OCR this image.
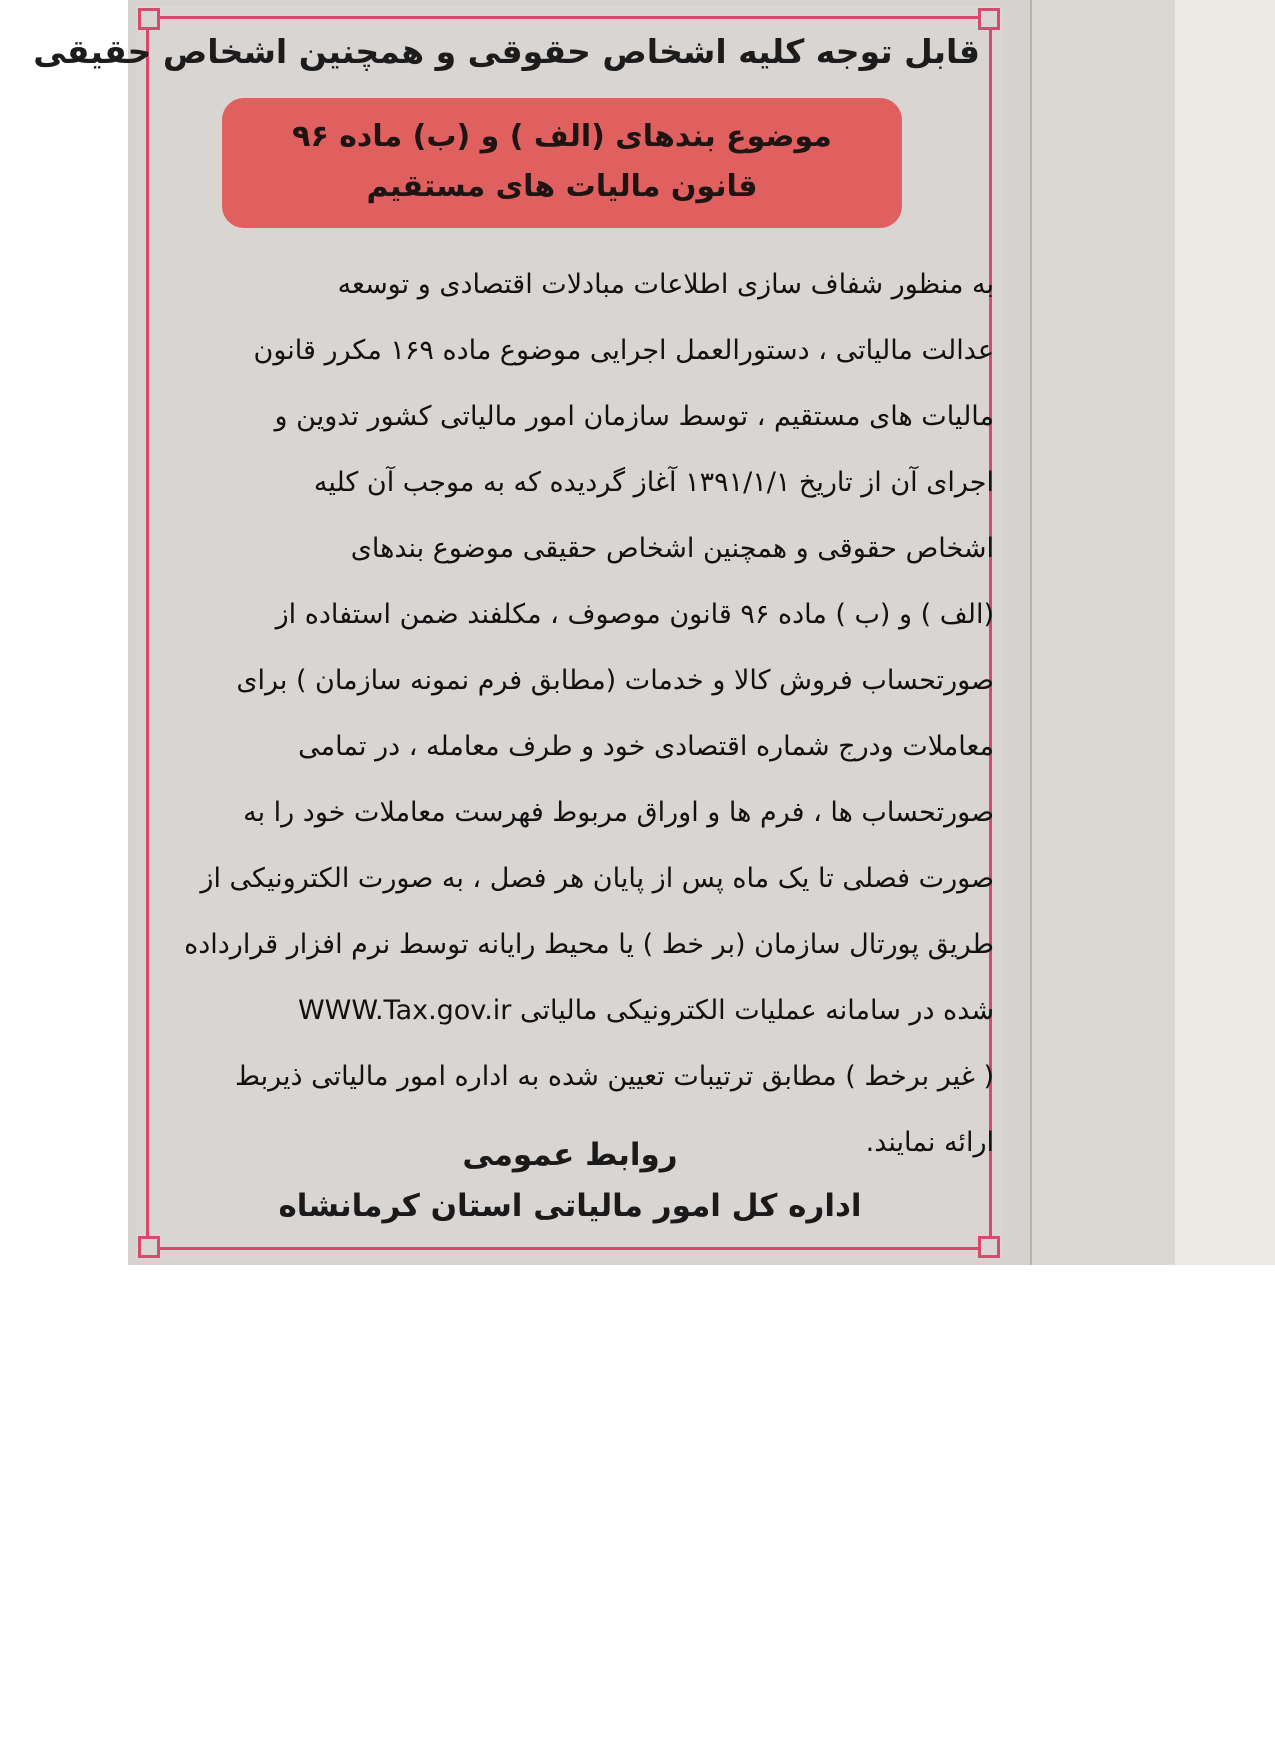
قابل توجه کلیه اشخاص حقوقی و همچنین اشخاص حقیقی
موضوع بندهای (الف ) و (ب) ماده ۹۶
قانون مالیات های مستقیم
به منظور شفاف سازی اطلاعات مبادلات اقتصادی و توسعه
عدالت مالیاتی ، دستورالعمل اجرایی موضوع ماده ۱۶۹ مکرر قانون
مالیات های مستقیم ، توسط سازمان امور مالیاتی کشور تدوین و
اجرای آن از تاریخ ۱۳۹۱/۱/۱ آغاز گردیده که به موجب آن کلیه
اشخاص حقوقی و همچنین اشخاص حقیقی موضوع بندهای
(الف ) و (ب ) ماده ۹۶ قانون موصوف ، مکلفند ضمن استفاده از
صورتحساب فروش کالا و خدمات (مطابق فرم نمونه سازمان ) برای
معاملات ودرج شماره اقتصادی خود و طرف معامله ، در تمامی
صورتحساب ها ، فرم ها و اوراق مربوط فهرست معاملات خود را به
صورت فصلی تا یک ماه پس از پایان هر فصل ، به صورت الکترونیکی از
طریق پورتال سازمان (بر خط ) یا محیط رایانه توسط نرم افزار قرارداده
شده در سامانه عملیات الکترونیکی مالیاتی WWW.Tax.gov.ir
( غیر برخط ) مطابق ترتیبات تعیین شده به اداره امور مالیاتی ذیربط
ارائه نمایند.
روابط عمومی
اداره کل امور مالیاتی استان کرمانشاه
